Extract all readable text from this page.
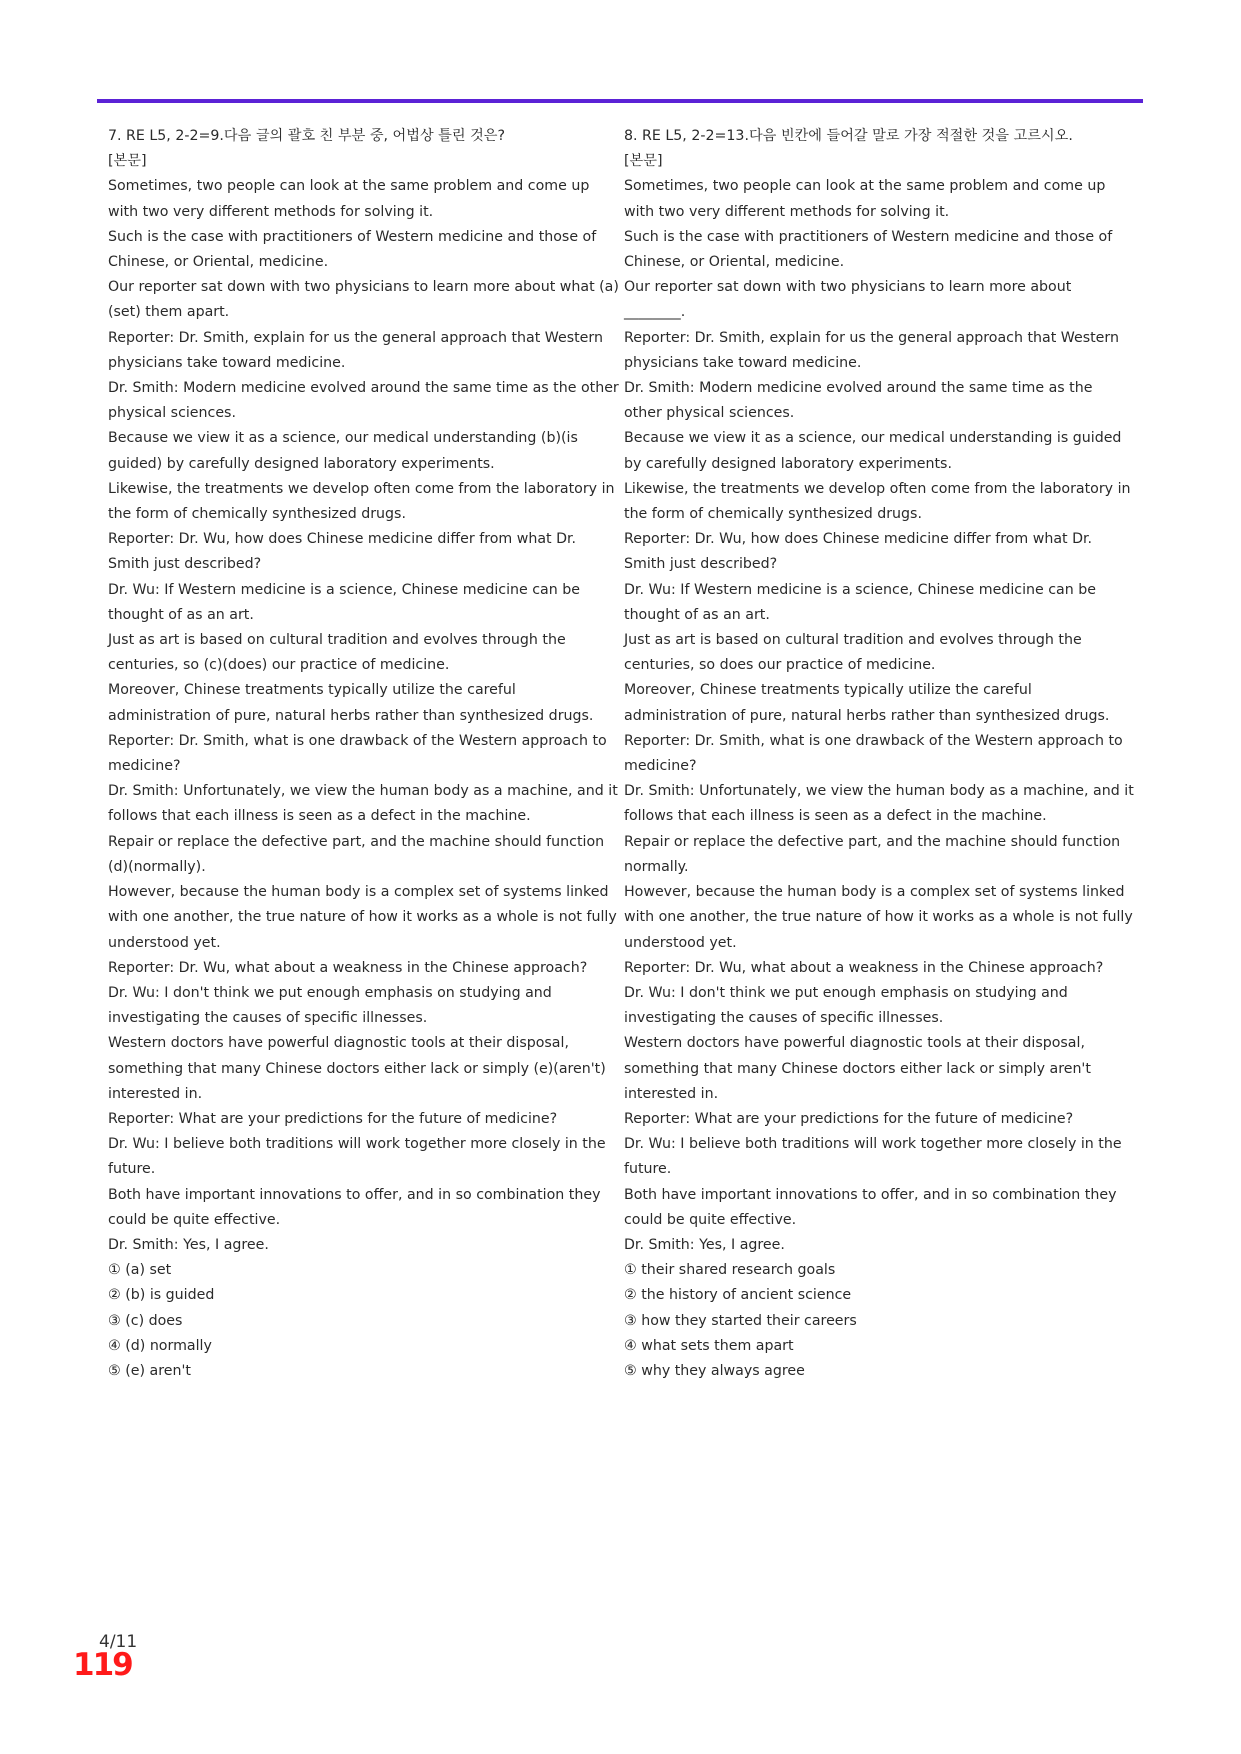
7. RE L5, 2-2=9.다음 글의 괄호 친 부분 중, 어법상 틀린 것은?
[본문]
Sometimes, two people can look at the same problem and come up with two very different methods for solving it.
Such is the case with practitioners of Western medicine and those of Chinese, or Oriental, medicine.
Our reporter sat down with two physicians to learn more about what (a)(set) them apart.
Reporter: Dr. Smith, explain for us the general approach that Western physicians take toward medicine.
Dr. Smith: Modern medicine evolved around the same time as the other physical sciences.
Because we view it as a science, our medical understanding (b)(is guided) by carefully designed laboratory experiments.
Likewise, the treatments we develop often come from the laboratory in the form of chemically synthesized drugs.
Reporter: Dr. Wu, how does Chinese medicine differ from what Dr. Smith just described?
Dr. Wu: If Western medicine is a science, Chinese medicine can be thought of as an art.
Just as art is based on cultural tradition and evolves through the centuries, so (c)(does) our practice of medicine.
Moreover, Chinese treatments typically utilize the careful administration of pure, natural herbs rather than synthesized drugs.
Reporter: Dr. Smith, what is one drawback of the Western approach to medicine?
Dr. Smith: Unfortunately, we view the human body as a machine, and it follows that each illness is seen as a defect in the machine.
Repair or replace the defective part, and the machine should function (d)(normally).
However, because the human body is a complex set of systems linked with one another, the true nature of how it works as a whole is not fully understood yet.
Reporter: Dr. Wu, what about a weakness in the Chinese approach?
Dr. Wu: I don't think we put enough emphasis on studying and investigating the causes of specific illnesses.
Western doctors have powerful diagnostic tools at their disposal, something that many Chinese doctors either lack or simply (e)(aren't) interested in.
Reporter: What are your predictions for the future of medicine?
Dr. Wu: I believe both traditions will work together more closely in the future.
Both have important innovations to offer, and in so combination they could be quite effective.
Dr. Smith: Yes, I agree.
① (a) set
② (b) is guided
③ (c) does
④ (d) normally
⑤ (e) aren't
8. RE L5, 2-2=13.다음 빈칸에 들어갈 말로 가장 적절한 것을 고르시오.
[본문]
Sometimes, two people can look at the same problem and come up with two very different methods for solving it.
Such is the case with practitioners of Western medicine and those of Chinese, or Oriental, medicine.
Our reporter sat down with two physicians to learn more about ________.
Reporter: Dr. Smith, explain for us the general approach that Western physicians take toward medicine.
Dr. Smith: Modern medicine evolved around the same time as the other physical sciences.
Because we view it as a science, our medical understanding is guided by carefully designed laboratory experiments.
Likewise, the treatments we develop often come from the laboratory in the form of chemically synthesized drugs.
Reporter: Dr. Wu, how does Chinese medicine differ from what Dr. Smith just described?
Dr. Wu: If Western medicine is a science, Chinese medicine can be thought of as an art.
Just as art is based on cultural tradition and evolves through the centuries, so does our practice of medicine.
Moreover, Chinese treatments typically utilize the careful administration of pure, natural herbs rather than synthesized drugs.
Reporter: Dr. Smith, what is one drawback of the Western approach to medicine?
Dr. Smith: Unfortunately, we view the human body as a machine, and it follows that each illness is seen as a defect in the machine.
Repair or replace the defective part, and the machine should function normally.
However, because the human body is a complex set of systems linked with one another, the true nature of how it works as a whole is not fully understood yet.
Reporter: Dr. Wu, what about a weakness in the Chinese approach?
Dr. Wu: I don't think we put enough emphasis on studying and investigating the causes of specific illnesses.
Western doctors have powerful diagnostic tools at their disposal, something that many Chinese doctors either lack or simply aren't interested in.
Reporter: What are your predictions for the future of medicine?
Dr. Wu: I believe both traditions will work together more closely in the future.
Both have important innovations to offer, and in so combination they could be quite effective.
Dr. Smith: Yes, I agree.
① their shared research goals
② the history of ancient science
③ how they started their careers
④ what sets them apart
⑤ why they always agree
4/11
119
